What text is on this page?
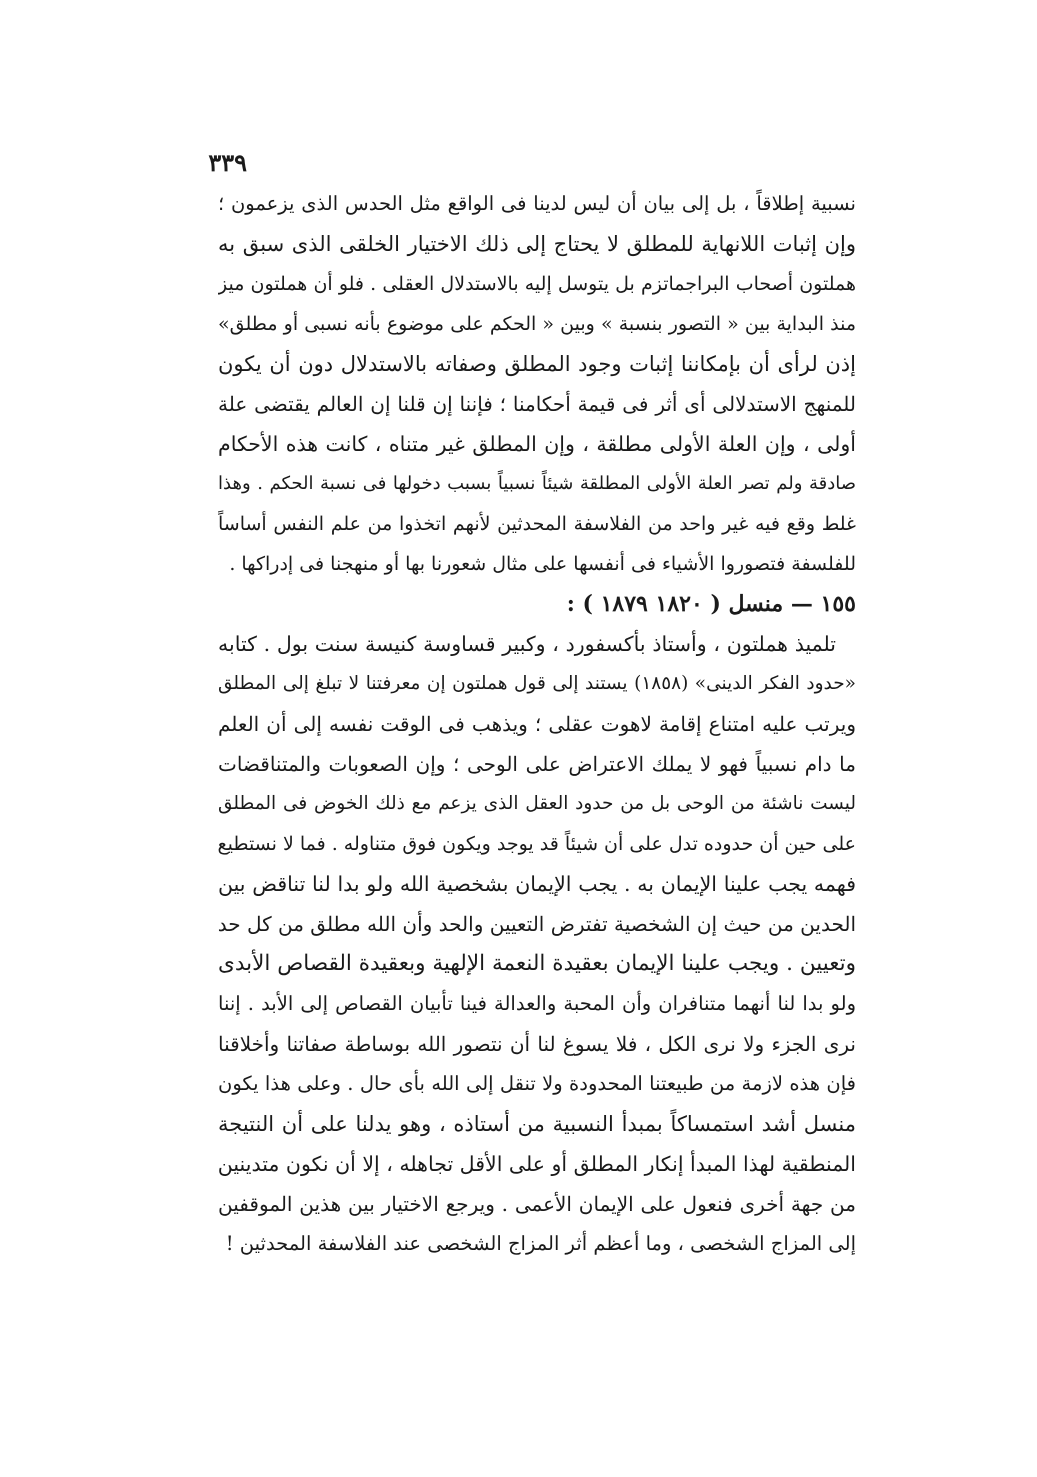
٣٣٩
نسبية إطلاقاً ، بل إلى بيان أن ليس لدينا فى الواقع مثل الحدس الذى يزعمون ؛
وإن إثبات اللانهاية للمطلق لا يحتاج إلى ذلك الاختيار الخلقى الذى سبق به
هملتون أصحاب البراجماتزم بل يتوسل إليه بالاستدلال العقلى . فلو أن هملتون ميز
منذ البداية بين « التصور بنسبة » وبين « الحكم على موضوع بأنه نسبى أو مطلق»
إذن لرأى أن بإمكاننا إثبات وجود المطلق وصفاته بالاستدلال دون أن يكون
للمنهج الاستدلالى أى أثر فى قيمة أحكامنا ؛ فإننا إن قلنا إن العالم يقتضى علة
أولى ، وإن العلة الأولى مطلقة ، وإن المطلق غير متناه ، كانت هذه الأحكام
صادقة ولم تصر العلة الأولى المطلقة شيئاً نسبياً بسبب دخولها فى نسبة الحكم . وهذا
غلط وقع فيه غير واحد من الفلاسفة المحدثين لأنهم اتخذوا من علم النفس أساساً
للفلسفة فتصوروا الأشياء فى أنفسها على مثال شعورنا بها أو منهجنا فى إدراكها .
١٥٥ — منسل ( ١٨٢٠ ١٨٧٩ ) :
تلميذ هملتون ، وأستاذ بأكسفورد ، وكبير قساوسة كنيسة سنت بول . كتابه
«حدود الفكر الدينى» (١٨٥٨) يستند إلى قول هملتون إن معرفتنا لا تبلغ إلى المطلق
ويرتب عليه امتناع إقامة لاهوت عقلى ؛ ويذهب فى الوقت نفسه إلى أن العلم
ما دام نسبياً فهو لا يملك الاعتراض على الوحى ؛ وإن الصعوبات والمتناقضات
ليست ناشئة من الوحى بل من حدود العقل الذى يزعم مع ذلك الخوض فى المطلق
على حين أن حدوده تدل على أن شيئاً قد يوجد ويكون فوق متناوله . فما لا نستطيع
فهمه يجب علينا الإيمان به . يجب الإيمان بشخصية الله ولو بدا لنا تناقض بين
الحدين من حيث إن الشخصية تفترض التعيين والحد وأن الله مطلق من كل حد
وتعيين . ويجب علينا الإيمان بعقيدة النعمة الإلهية وبعقيدة القصاص الأبدى
ولو بدا لنا أنهما متنافران وأن المحبة والعدالة فينا تأبيان القصاص إلى الأبد . إننا
نرى الجزء ولا نرى الكل ، فلا يسوغ لنا أن نتصور الله بوساطة صفاتنا وأخلاقنا
فإن هذه لازمة من طبيعتنا المحدودة ولا تنقل إلى الله بأى حال . وعلى هذا يكون
منسل أشد استمساكاً بمبدأ النسبية من أستاذه ، وهو يدلنا على أن النتيجة
المنطقية لهذا المبدأ إنكار المطلق أو على الأقل تجاهله ، إلا أن نكون متدينين
من جهة أخرى فنعول على الإيمان الأعمى . ويرجع الاختيار بين هذين الموقفين
إلى المزاج الشخصى ، وما أعظم أثر المزاج الشخصى عند الفلاسفة المحدثين !
